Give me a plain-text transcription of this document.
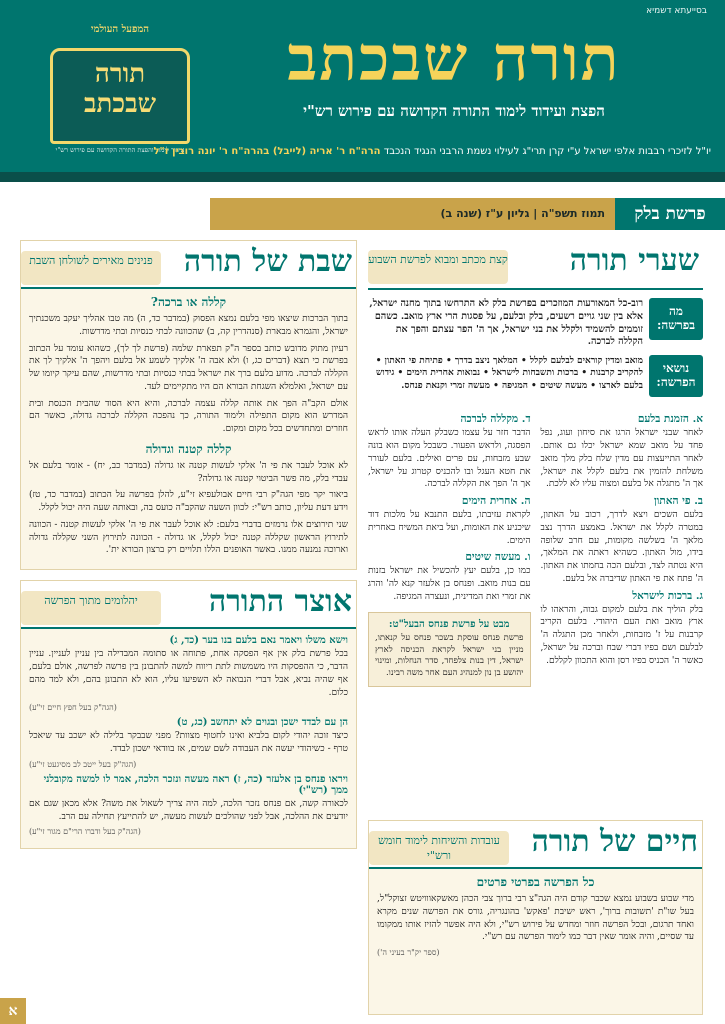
בסייעתא דשמיא
המפעל העולמי
תורה
שבכתב
עידוד לימוד והפצת התורה הקדושה עם פירוש רש"י
תורה שבכתב
הפצת ועידוד לימוד התורה הקדושה עם פירוש רש"י
יו"ל לזיכרי רבבות אלפי ישראל ע"י קרן תרי"ג לעילוי נשמת הרבני הנגיד הנכבד הרה"ח ר' אריה (לייבל) בהרה"ח ר' יונה רובין ז"ל
פרשת בלק
תמוז תשפ"ה | גליון ע"ז (שנה ב)
שערי תורה
קצת מכתב ומבוא לפרשת השבוע
מה בפרשה:
רוב-כל המאורעות המוזכרים בפרשת בלק לא התרחשו בתוך מחנה ישראל, אלא בין שני גויים רשעים, בלק ובלעם, על פסגות הרי ארץ מואב. כשהם זוממים להשמיד ולקלל את בני ישראל, אך ה' הפר עצתם והפך את הקללה לברכה.
נושאי הפרשה:
מואב ומדין קוראים לבלעם לקלל • המלאך ניצב בדרך • פתיחת פי האתון • להקריב קרבנות • ברכות ותשבחות לישראל • נבואות אחרית הימים • גידוש בלעם לארצו • מעשה שיטים • המגיפה • מעשה זמרי וקנאת פנחס.
א. הזמנת בלעם
לאחר שבני ישראל הרגו את סיחון ועוג, נפל פחד על מואב שמא ישראל יכלו גם אותם. לאחר התייעצות עם מדין שלח בלק מלך מואב משלחת להזמין את בלעם לקלל את ישראל, אך ה' מתגלה אל בלעם ומצוה עליו לא ללכת.
ב. פי האתון
בלעם השכים ויצא לדרך, רכוב על האתון, במטרה לקלל את ישראל. באמצע הדרך נצב מלאך ה' בשלשה מקומות, עם חרב שלופה בידו, מול האתון. כשהיא ראתה את המלאך, היא נטתה לצד, ובלעם הכה בחמתו את האתון. ה' פתח את פי האתון שדיברה אל בלעם.
ג. ברכות לישראל
בלק הוליך את בלעם למקום גבוה, והראהו לו ארץ מואב ואת העם היהודי. בלעם הקריב קרבנות על ז' מזבחות, ולאחר מכן התגלה ה' לבלעם ושם בפיו דברי שבח וברכה על ישראל, כאשר ה' הכניס בפיו רסן והוא התכוון לקללם.
ד. מקללה לברכה
הדבר חזר על עצמו כשבלק העלה אותו לראש הפסגה, ולראש הפעור. כשבכל מקום הוא בונה שבע מזבחות, עם פרים ואילים. בלעם לעורר את חטא העגל ובו להכניס קטרוג על ישראל, אך ה' הפך את הקללה לברכה.
ה. אחרית הימים
לקראת עזיבתו, בלעם התנבא על מלכות דוד שיכניע את האומות, ועל ביאת המשיח באחרית הימים.
ו. מעשה שיטים
כמו כן, בלעם יעץ להכשיל את ישראל בזנות עם בנות מואב. ופנחס בן אלעזר קנא לה' והרג את זמרי ואת המדינית, ונעצרה המגיפה.
מבט על פרשת פנחס הבעל"ט:
פרשת פנחס עוסקת בשכר פנחס על קנאתו, מניין בני ישראל לקראת הכניסה לארץ ישראל, דין בנות צלפחד, סדר הנחלות, ומינוי יהושע בן נון למנהיג העם אחר משה רבינו.
שבת של תורה
פנינים מאירים לשולחן השבת
קללה או ברכה?
בתוך הברכות שיצאו מפי בלעם נמצא הפסוק (במדבר כד, ה) מה טבו אהליך יעקב משכנתיך ישראל, והגמרא מבארת (סנהדרין קה, ב) שהכוונה לבתי כנסיות ובתי מדרשות.
רעיון מתוק מדובש כותב בספר ה"ק תפארת שלמה (פרשת לך לך), כשהוא עומד על הכתוב בפרשת כי תצא (דברים כג, ו) ולא אבה ה' אלקיך לשמע אל בלעם ויהפך ה' אלקיך לך את הקללה לברכה. מדוע בלעם ברך את ישראל בבתי כנסיות ובתי מדרשות, שהם עיקר קיומו של עם ישראל, ואלמלא השגחת הבורא הם היו מתקיימים לעד.
אולם הקב"ה הפך את אותה קללה עצמה לברכה, והיא היא הסוד שהבית הכנסת ובית המדרש הוא מקום התפילה ולימוד התורה, כך נהפכה הקללה לברכה גדולה, כאשר הם חוזרים ומתחדשים בכל מקום ומקום.
קללה קטנה וגדולה
לא אוכל לעבר את פי ה' אלקי לעשות קטנה או גדולה (במדבר כב, יח) - אומר בלעם אל עבדי בלק, מה פשר הביטוי קטנה או גדולה?
ביאור יקר מפי הגה"ק רבי חיים אבולעפיא זי"ע, להלן בפרשה על הכתוב (במדבר כד, טז) וידע דעת עליון, כותב רש"י: לכוון השעה שהקב"ה כועס בה, ובאותה שעה היה יכול לקלל.
שני תירוצים אלו נרמזים בדברי בלעם: לא אוכל לעבר את פי ה' אלקי לעשות קטנה - הכוונה לתירוץ הראשון שקללה קטנה יכול לקלל, או גדולה - הכוונה לתירוץ השני שקללה גדולה וארוכה נמנעה ממנו. באשר האופנים הללו תלויים רק ברצון הבורא ית'.
אוצר התורה
יהלומים מתוך הפרשה
וישא משלו ויאמר נאם בלעם בנו בער (כד, ג)
בכל פרשת בלק אין אף הפסקה אחת, פתוחה או סתומה המבדילה בין עניין לעניין. עניין הדבר, כי ההפסקות היו משמשות לתת ריווח למשה להתבונן בין פרשה לפרשה, אולם בלעם, אף שהיה נביא, אבל דברי הנבואה לא השפיעו עליו, הוא לא התבונן בהם, ולא למד מהם כלום.
(הגה"ק בעל חפץ חיים זי"ע)
הן עם לבדד ישכן ובגוים לא יתחשב (כג, ט)
כיצד זוכה יהודי לקום בלביא ואינו לחטוף מצוות? מפני שבבקר בלילה לא ישכב עד שיאכל טרף - כשיהודי יעשה את העבודה לשם שמים, אז בוודאי ישכון לבדד.
(הגה"ק בעל ייטב לב מסיגעט זי"ע)
ויראו פנחס בן אלעזר (כה, ז) ראה מעשה ונזכר הלכה, אמר לו למשה מקובלני ממך (רש"י)
לכאורה קשה, אם פנחס נזכר הלכה, למה היה צריך לשאול את משה? אלא מכאן שגם אם יודעים את ההלכה, אבל לפני שהולכים לעשות מעשה, יש להתייעץ תחילה עם הרב.
(הגה"ק בעל ודברו הרי"ם מגור זי"ע)	חיים של תורה
עובדות והשיחות לימוד חומש ורש"י
כל הפרשה בפרטי פרטים
מדי שבוע בשבוע נמצא שכבר קודם היה הגה"צ רבי ברוך צבי הכהן מאשקאווויטש זצוקל"ל, בעל שו"ת 'תשובות ברוך', ראש ישיבת 'פאקש' בהונגריה, גורס את הפרשה שנים מקרא ואחד תרגום, ובכל הפרשה חוזר ומחדש על פירוש רש"י, ולא היה אפשר להזיז אותו ממקומו עד שסיים, והיה אומר שאין דבר כמו לימוד הפרשה עם רש"י.
(ספר יק"ר בעיני ה')
א
